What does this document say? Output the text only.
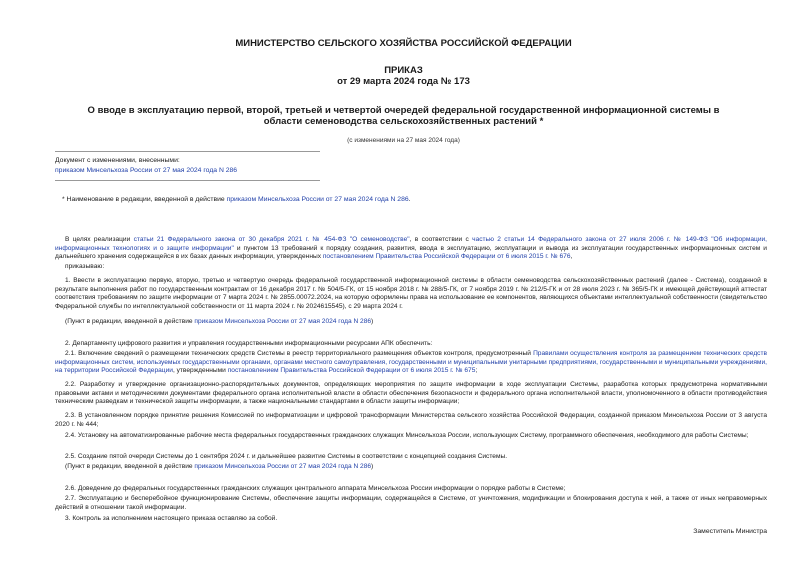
МИНИСТЕРСТВО СЕЛЬСКОГО ХОЗЯЙСТВА РОССИЙСКОЙ ФЕДЕРАЦИИ
ПРИКАЗ
от 29 марта 2024 года № 173
О вводе в эксплуатацию первой, второй, третьей и четвертой очередей федеральной государственной информационной системы в области семеноводства сельскохозяйственных растений *
(с изменениями на 27 мая 2024 года)
Документ с изменениями, внесенными:
приказом Минсельхоза России от 27 мая 2024 года N 286
* Наименование в редакции, введенной в действие приказом Минсельхоза России от 27 мая 2024 года N 286.
В целях реализации статьи 21 Федерального закона от 30 декабря 2021 г. № 454-ФЗ "О семеноводстве", в соответствии с частью 2 статьи 14 Федерального закона от 27 июля 2006 г. № 149-ФЗ "Об информации, информационных технологиях и о защите информации" и пунктом 13 требований к порядку создания, развития, ввода в эксплуатацию, эксплуатации и вывода из эксплуатации государственных информационных систем и дальнейшего хранения содержащейся в их базах данных информации, утвержденных постановлением Правительства Российской Федерации от 6 июля 2015 г. № 676,
приказываю:
1. Ввести в эксплуатацию первую, вторую, третью и четвертую очередь федеральной государственной информационной системы в области семеноводства сельскохозяйственных растений (далее - Система), созданной в результате выполнения работ по государственным контрактам от 16 декабря 2017 г. № 504/5-ГК, от 15 ноября 2018 г. № 288/5-ГК, от 7 ноября 2019 г. № 212/5-ГК и от 28 июля 2023 г. № 365/5-ГК и имеющей действующий аттестат соответствия требованиям по защите информации от 7 марта 2024 г. № 2855.00072.2024, на которую оформлены права на использование ее компонентов, являющихся объектами интеллектуальной собственности (свидетельство Федеральной службы по интеллектуальной собственности от 11 марта 2024 г. № 2024615545), с 29 марта 2024 г.
(Пункт в редакции, введенной в действие приказом Минсельхоза России от 27 мая 2024 года N 286)
2. Департаменту цифрового развития и управления государственными информационными ресурсами АПК обеспечить:
2.1. Включение сведений о размещении технических средств Системы в реестр территориального размещения объектов контроля, предусмотренный Правилами осуществления контроля за размещением технических средств информационных систем, используемых государственными органами, органами местного самоуправления, государственными и муниципальными унитарными предприятиями, государственными и муниципальными учреждениями, на территории Российской Федерации, утвержденными постановлением Правительства Российской Федерации от 6 июля 2015 г. № 675;
2.2. Разработку и утверждение организационно-распорядительных документов, определяющих мероприятия по защите информации в ходе эксплуатации Системы, разработка которых предусмотрена нормативными правовыми актами и методическими документами федерального органа исполнительной власти в области обеспечения безопасности и федерального органа исполнительной власти, уполномоченного в области противодействия техническим разведкам и технической защиты информации, а также национальными стандартами в области защиты информации;
2.3. В установленном порядке принятие решения Комиссией по информатизации и цифровой трансформации Министерства сельского хозяйства Российской Федерации, созданной приказом Минсельхоза России от 3 августа 2020 г. № 444;
2.4. Установку на автоматизированные рабочие места федеральных государственных гражданских служащих Минсельхоза России, использующих Систему, программного обеспечения, необходимого для работы Системы;
2.5. Создание пятой очереди Системы до 1 сентября 2024 г. и дальнейшее развитие Системы в соответствии с концепцией создания Системы.
(Пункт в редакции, введенной в действие приказом Минсельхоза России от 27 мая 2024 года N 286)
2.6. Доведение до федеральных государственных гражданских служащих центрального аппарата Минсельхоза России информации о порядке работы в Системе;
2.7. Эксплуатацию и бесперебойное функционирование Системы, обеспечение защиты информации, содержащейся в Системе, от уничтожения, модификации и блокирования доступа к ней, а также от иных неправомерных действий в отношении такой информации.
3. Контроль за исполнением настоящего приказа оставляю за собой.
Заместитель Министра
